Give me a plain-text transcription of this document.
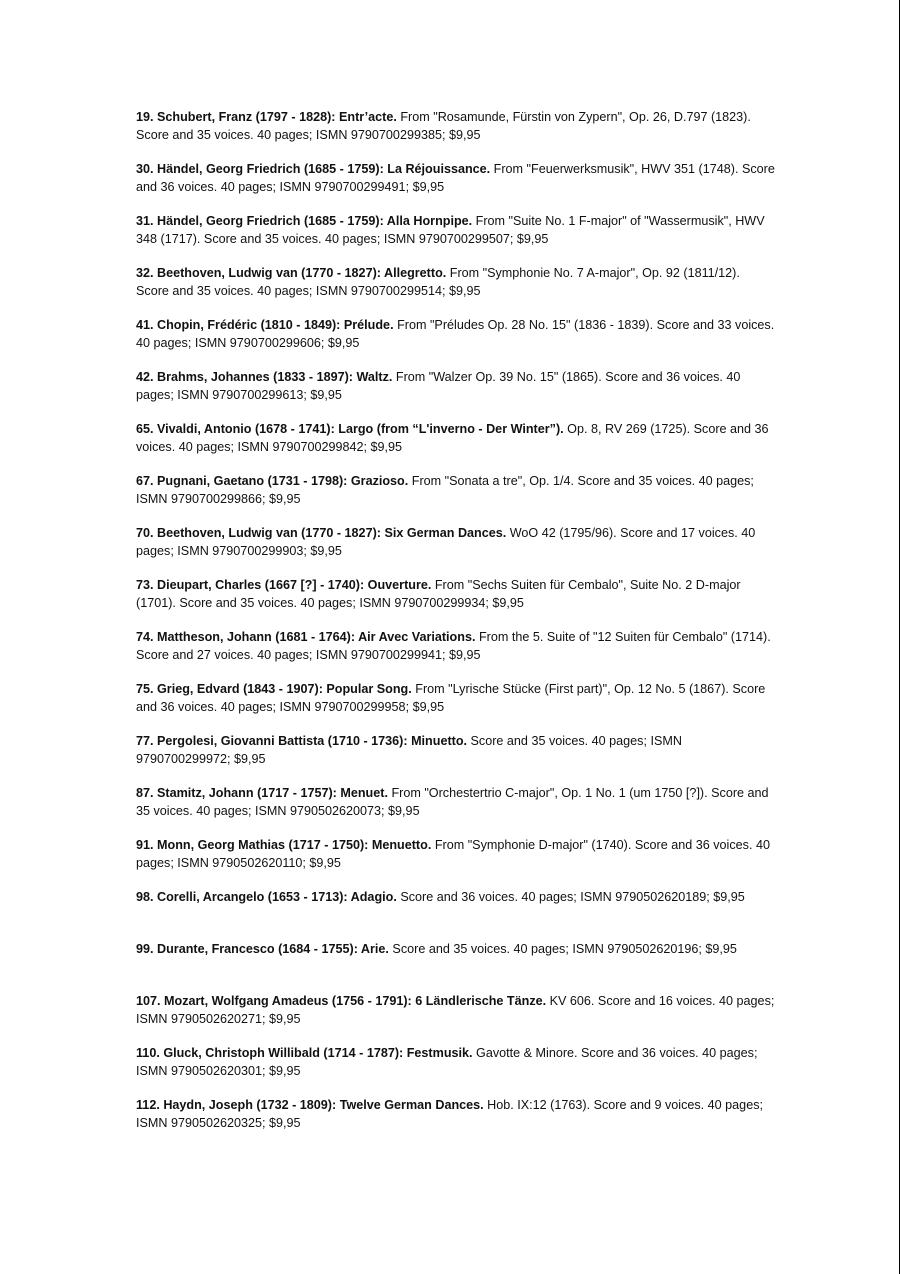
19. Schubert, Franz (1797 - 1828): Entr’acte. From "Rosamunde, Fürstin von Zypern", Op. 26, D.797 (1823). Score and 35 voices. 40 pages; ISMN 9790700299385; $9,95

30. Händel, Georg Friedrich (1685 - 1759): La Réjouissance. From "Feuerwerksmusik", HWV 351 (1748). Score and 36 voices. 40 pages; ISMN 9790700299491; $9,95

31. Händel, Georg Friedrich (1685 - 1759): Alla Hornpipe. From "Suite No. 1 F-major" of "Wassermusik", HWV 348 (1717). Score and 35 voices. 40 pages; ISMN 9790700299507; $9,95

32. Beethoven, Ludwig van (1770 - 1827): Allegretto. From "Symphonie No. 7 A-major", Op. 92 (1811/12). Score and 35 voices. 40 pages; ISMN 9790700299514; $9,95

41. Chopin, Frédéric (1810 - 1849): Prélude. From "Préludes Op. 28 No. 15" (1836 - 1839). Score and 33 voices. 40 pages; ISMN 9790700299606; $9,95

42. Brahms, Johannes (1833 - 1897): Waltz. From "Walzer Op. 39 No. 15" (1865). Score and 36 voices. 40 pages; ISMN 9790700299613; $9,95

65. Vivaldi, Antonio (1678 - 1741): Largo (from “L'inverno - Der Winter”). Op. 8, RV 269 (1725). Score and 36 voices. 40 pages; ISMN 9790700299842; $9,95

67. Pugnani, Gaetano (1731 - 1798): Grazioso. From "Sonata a tre", Op. 1/4. Score and 35 voices. 40 pages; ISMN 9790700299866; $9,95

70. Beethoven, Ludwig van (1770 - 1827): Six German Dances. WoO 42 (1795/96). Score and 17 voices. 40 pages; ISMN 9790700299903; $9,95

73. Dieupart, Charles (1667 [?] - 1740): Ouverture. From "Sechs Suiten für Cembalo", Suite No. 2 D-major (1701). Score and 35 voices. 40 pages; ISMN 9790700299934; $9,95

74. Mattheson, Johann (1681 - 1764): Air Avec Variations. From the 5. Suite of "12 Suiten für Cembalo" (1714). Score and 27 voices. 40 pages; ISMN 9790700299941; $9,95

75. Grieg, Edvard (1843 - 1907): Popular Song. From "Lyrische Stücke (First part)", Op. 12 No. 5 (1867). Score and 36 voices. 40 pages; ISMN 9790700299958; $9,95

77. Pergolesi, Giovanni Battista (1710 - 1736): Minuetto. Score and 35 voices. 40 pages; ISMN 9790700299972; $9,95

87. Stamitz, Johann (1717 - 1757): Menuet. From "Orchestertrio C-major", Op. 1 No. 1 (um 1750 [?]). Score and 35 voices. 40 pages; ISMN 9790502620073; $9,95

91. Monn, Georg Mathias (1717 - 1750): Menuetto. From "Symphonie D-major" (1740). Score and 36 voices. 40 pages; ISMN 9790502620110; $9,95

98. Corelli, Arcangelo (1653 - 1713): Adagio. Score and 36 voices. 40 pages; ISMN 9790502620189; $9,95

99. Durante, Francesco (1684 - 1755): Arie. Score and 35 voices. 40 pages; ISMN 9790502620196; $9,95

107. Mozart, Wolfgang Amadeus (1756 - 1791): 6 Ländlerische Tänze. KV 606. Score and 16 voices. 40 pages; ISMN 9790502620271; $9,95

110. Gluck, Christoph Willibald (1714 - 1787): Festmusik. Gavotte & Minore. Score and 36 voices. 40 pages; ISMN 9790502620301; $9,95

112. Haydn, Joseph (1732 - 1809): Twelve German Dances. Hob. IX:12 (1763). Score and 9 voices. 40 pages; ISMN 9790502620325; $9,95
